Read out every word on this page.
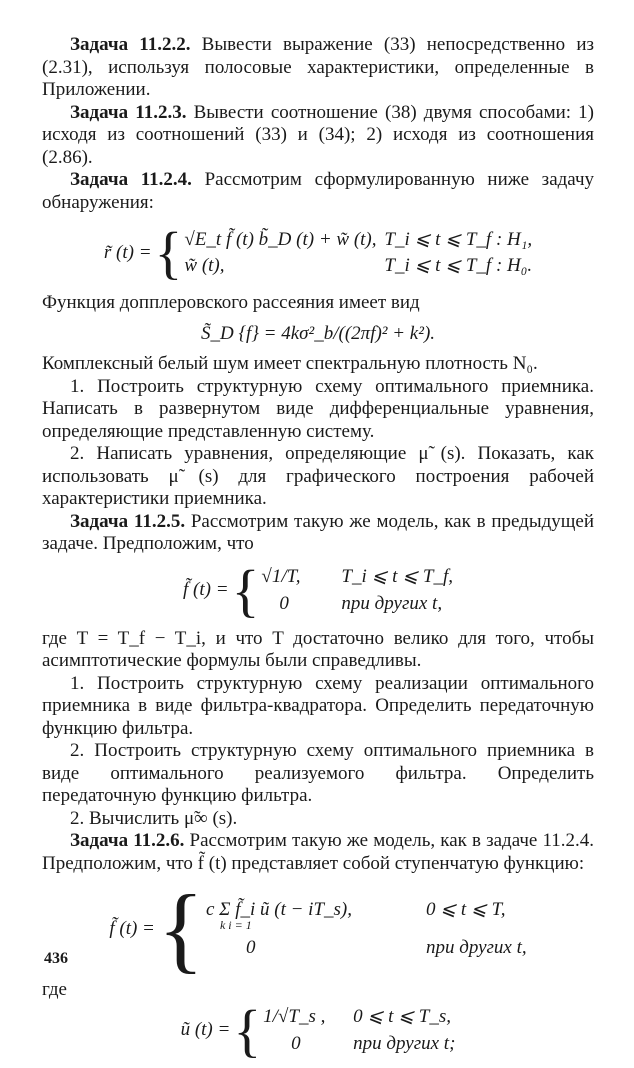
Задача 11.2.2. Вывести выражение (33) непосредственно из (2.31), используя полосовые характеристики, определенные в Приложении.

Задача 11.2.3. Вывести соотношение (38) двумя способами: 1) исходя из соотношений (33) и (34); 2) исходя из соотношения (2.86).

Задача 11.2.4. Рассмотрим сформулированную ниже задачу обнаружения:

r̃ (t) = { √E_t f̃ (t) b̃_D (t) + w̃ (t), T_i ⩽ t ⩽ T_f : H₁,
w̃ (t),	T_i ⩽ t ⩽ T_f : H₀.

Функция допплеровского рассеяния имеет вид

S̃_D {f} = 4kσ²_b/((2πf)² + k²).

Комплексный белый шум имеет спектральную плотность N₀.

1. Построить структурную схему оптимального приемника. Написать в развернутом виде дифференциальные уравнения, определяющие представленную систему.

2. Написать уравнения, определяющие μ̃ (s). Показать, как использовать μ̃ (s) для графического построения рабочей характеристики приемника.

Задача 11.2.5. Рассмотрим такую же модель, как в предыдущей задаче. Предположим, что

f̃ (t) = { √1/T,	T_i ⩽ t ⩽ T_f,
0	при других t,

где T = T_f − T_i, и что T достаточно велико для того, чтобы асимптотические формулы были справедливы.

1. Построить структурную схему реализации оптимального приемника в виде фильтра-квадратора. Определить передаточную функцию фильтра.

2. Построить структурную схему оптимального приемника в виде оптимального реализуемого фильтра. Определить передаточную функцию фильтра.

2. Вычислить μ̃∞ (s).

Задача 11.2.6. Рассмотрим такую же модель, как в задаче 11.2.4. Предположим, что f̃ (t) представляет собой ступенчатую функцию:

f̃ (t) = { c Σ f̃_i ũ (t − iT_s),	0 ⩽ t ⩽ T,
k i = 1
0	при других t,

где

ũ (t) = { 1/√T_s ,	0 ⩽ t ⩽ T_s,
0	при других t;
436
